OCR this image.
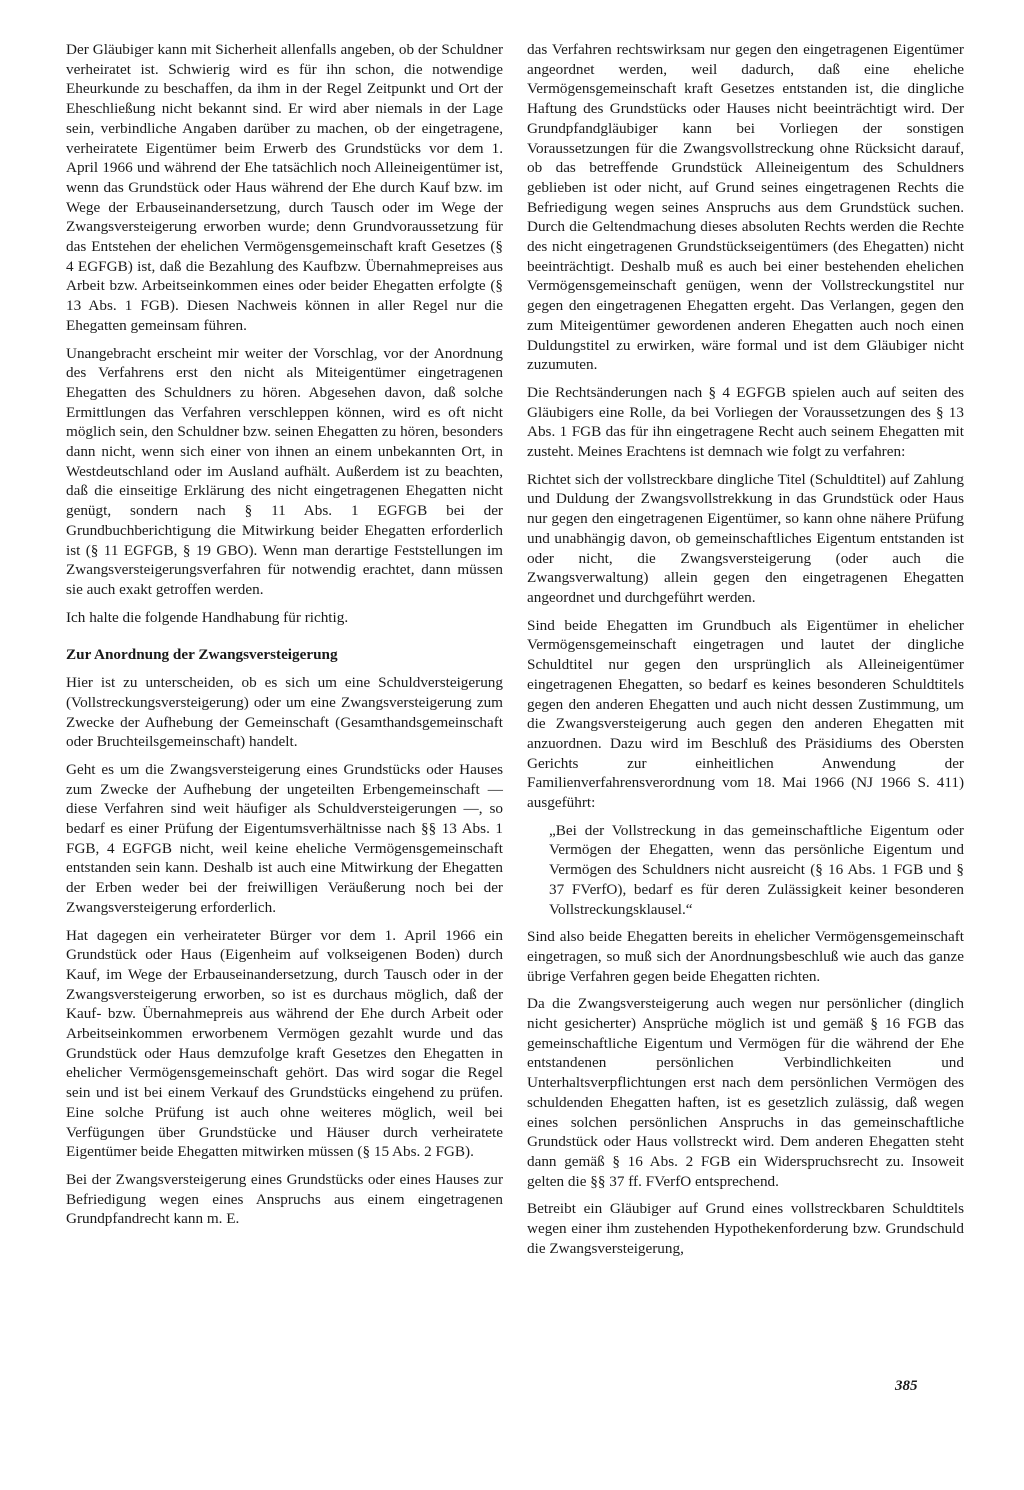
Der Gläubiger kann mit Sicherheit allenfalls angeben, ob der Schuldner verheiratet ist. Schwierig wird es für ihn schon, die notwendige Eheurkunde zu beschaffen, da ihm in der Regel Zeitpunkt und Ort der Eheschließung nicht bekannt sind. Er wird aber niemals in der Lage sein, verbindliche Angaben darüber zu machen, ob der eingetragene, verheiratete Eigentümer beim Erwerb des Grundstücks vor dem 1. April 1966 und während der Ehe tatsächlich noch Alleineigentümer ist, wenn das Grundstück oder Haus während der Ehe durch Kauf bzw. im Wege der Erbauseinandersetzung, durch Tausch oder im Wege der Zwangsversteigerung erworben wurde; denn Grundvoraussetzung für das Entstehen der ehelichen Vermögensgemeinschaft kraft Gesetzes (§ 4 EGFGB) ist, daß die Bezahlung des Kaufbzw. Übernahmepreises aus Arbeit bzw. Arbeitseinkommen eines oder beider Ehegatten erfolgte (§ 13 Abs. 1 FGB). Diesen Nachweis können in aller Regel nur die Ehegatten gemeinsam führen.

Unangebracht erscheint mir weiter der Vorschlag, vor der Anordnung des Verfahrens erst den nicht als Miteigentümer eingetragenen Ehegatten des Schuldners zu hören. Abgesehen davon, daß solche Ermittlungen das Verfahren verschleppen können, wird es oft nicht möglich sein, den Schuldner bzw. seinen Ehegatten zu hören, besonders dann nicht, wenn sich einer von ihnen an einem unbekannten Ort, in Westdeutschland oder im Ausland aufhält. Außerdem ist zu beachten, daß die einseitige Erklärung des nicht eingetragenen Ehegatten nicht genügt, sondern nach § 11 Abs. 1 EGFGB bei der Grundbuchberichtigung die Mitwirkung beider Ehegatten erforderlich ist (§ 11 EGFGB, § 19 GBO). Wenn man derartige Feststellungen im Zwangsversteigerungsverfahren für notwendig erachtet, dann müssen sie auch exakt getroffen werden.

Ich halte die folgende Handhabung für richtig.

Zur Anordnung der Zwangsversteigerung

Hier ist zu unterscheiden, ob es sich um eine Schuldversteigerung (Vollstreckungsversteigerung) oder um eine Zwangsversteigerung zum Zwecke der Aufhebung der Gemeinschaft (Gesamthandsgemeinschaft oder Bruchteilsgemeinschaft) handelt.

Geht es um die Zwangsversteigerung eines Grundstücks oder Hauses zum Zwecke der Aufhebung der ungeteilten Erbengemeinschaft — diese Verfahren sind weit häufiger als Schuldversteigerungen —, so bedarf es einer Prüfung der Eigentumsverhältnisse nach §§ 13 Abs. 1 FGB, 4 EGFGB nicht, weil keine eheliche Vermögensgemeinschaft entstanden sein kann. Deshalb ist auch eine Mitwirkung der Ehegatten der Erben weder bei der freiwilligen Veräußerung noch bei der Zwangsversteigerung erforderlich.

Hat dagegen ein verheirateter Bürger vor dem 1. April 1966 ein Grundstück oder Haus (Eigenheim auf volkseigenen Boden) durch Kauf, im Wege der Erbauseinandersetzung, durch Tausch oder in der Zwangsversteigerung erworben, so ist es durchaus möglich, daß der Kauf- bzw. Übernahmepreis aus während der Ehe durch Arbeit oder Arbeitseinkommen erworbenem Vermögen gezahlt wurde und das Grundstück oder Haus demzufolge kraft Gesetzes den Ehegatten in ehelicher Vermögensgemeinschaft gehört. Das wird sogar die Regel sein und ist bei einem Verkauf des Grundstücks eingehend zu prüfen. Eine solche Prüfung ist auch ohne weiteres möglich, weil bei Verfügungen über Grundstücke und Häuser durch verheiratete Eigentümer beide Ehegatten mitwirken müssen (§ 15 Abs. 2 FGB).

Bei der Zwangsversteigerung eines Grundstücks oder eines Hauses zur Befriedigung wegen eines Anspruchs aus einem eingetragenen Grundpfandrecht kann m. E.

das Verfahren rechtswirksam nur gegen den eingetragenen Eigentümer angeordnet werden, weil dadurch, daß eine eheliche Vermögensgemeinschaft kraft Gesetzes entstanden ist, die dingliche Haftung des Grundstücks oder Hauses nicht beeinträchtigt wird. Der Grundpfandgläubiger kann bei Vorliegen der sonstigen Voraussetzungen für die Zwangsvollstreckung ohne Rücksicht darauf, ob das betreffende Grundstück Alleineigentum des Schuldners geblieben ist oder nicht, auf Grund seines eingetragenen Rechts die Befriedigung wegen seines Anspruchs aus dem Grundstück suchen. Durch die Geltendmachung dieses absoluten Rechts werden die Rechte des nicht eingetragenen Grundstückseigentümers (des Ehegatten) nicht beeinträchtigt. Deshalb muß es auch bei einer bestehenden ehelichen Vermögensgemeinschaft genügen, wenn der Vollstreckungstitel nur gegen den eingetragenen Ehegatten ergeht. Das Verlangen, gegen den zum Miteigentümer gewordenen anderen Ehegatten auch noch einen Duldungstitel zu erwirken, wäre formal und ist dem Gläubiger nicht zuzumuten.

Die Rechtsänderungen nach § 4 EGFGB spielen auch auf seiten des Gläubigers eine Rolle, da bei Vorliegen der Voraussetzungen des § 13 Abs. 1 FGB das für ihn eingetragene Recht auch seinem Ehegatten mit zusteht. Meines Erachtens ist demnach wie folgt zu verfahren:

Richtet sich der vollstreckbare dingliche Titel (Schuldtitel) auf Zahlung und Duldung der Zwangsvollstrekkung in das Grundstück oder Haus nur gegen den eingetragenen Eigentümer, so kann ohne nähere Prüfung und unabhängig davon, ob gemeinschaftliches Eigentum entstanden ist oder nicht, die Zwangsversteigerung (oder auch die Zwangsverwaltung) allein gegen den eingetragenen Ehegatten angeordnet und durchgeführt werden.

Sind beide Ehegatten im Grundbuch als Eigentümer in ehelicher Vermögensgemeinschaft eingetragen und lautet der dingliche Schuldtitel nur gegen den ursprünglich als Alleineigentümer eingetragenen Ehegatten, so bedarf es keines besonderen Schuldtitels gegen den anderen Ehegatten und auch nicht dessen Zustimmung, um die Zwangsversteigerung auch gegen den anderen Ehegatten mit anzuordnen. Dazu wird im Beschluß des Präsidiums des Obersten Gerichts zur einheitlichen Anwendung der Familienverfahrensverordnung vom 18. Mai 1966 (NJ 1966 S. 411) ausgeführt:

„Bei der Vollstreckung in das gemeinschaftliche Eigentum oder Vermögen der Ehegatten, wenn das persönliche Eigentum und Vermögen des Schuldners nicht ausreicht (§ 16 Abs. 1 FGB und § 37 FVerfO), bedarf es für deren Zulässigkeit keiner besonderen Vollstreckungsklausel.“

Sind also beide Ehegatten bereits in ehelicher Vermögensgemeinschaft eingetragen, so muß sich der Anordnungsbeschluß wie auch das ganze übrige Verfahren gegen beide Ehegatten richten.

Da die Zwangsversteigerung auch wegen nur persönlicher (dinglich nicht gesicherter) Ansprüche möglich ist und gemäß § 16 FGB das gemeinschaftliche Eigentum und Vermögen für die während der Ehe entstandenen persönlichen Verbindlichkeiten und Unterhaltsverpflichtungen erst nach dem persönlichen Vermögen des schuldenden Ehegatten haften, ist es gesetzlich zulässig, daß wegen eines solchen persönlichen Anspruchs in das gemeinschaftliche Grundstück oder Haus vollstreckt wird. Dem anderen Ehegatten steht dann gemäß § 16 Abs. 2 FGB ein Widerspruchsrecht zu. Insoweit gelten die §§ 37 ff. FVerfO entsprechend.

Betreibt ein Gläubiger auf Grund eines vollstreckbaren Schuldtitels wegen einer ihm zustehenden Hypothekenforderung bzw. Grundschuld die Zwangsversteigerung,

385
